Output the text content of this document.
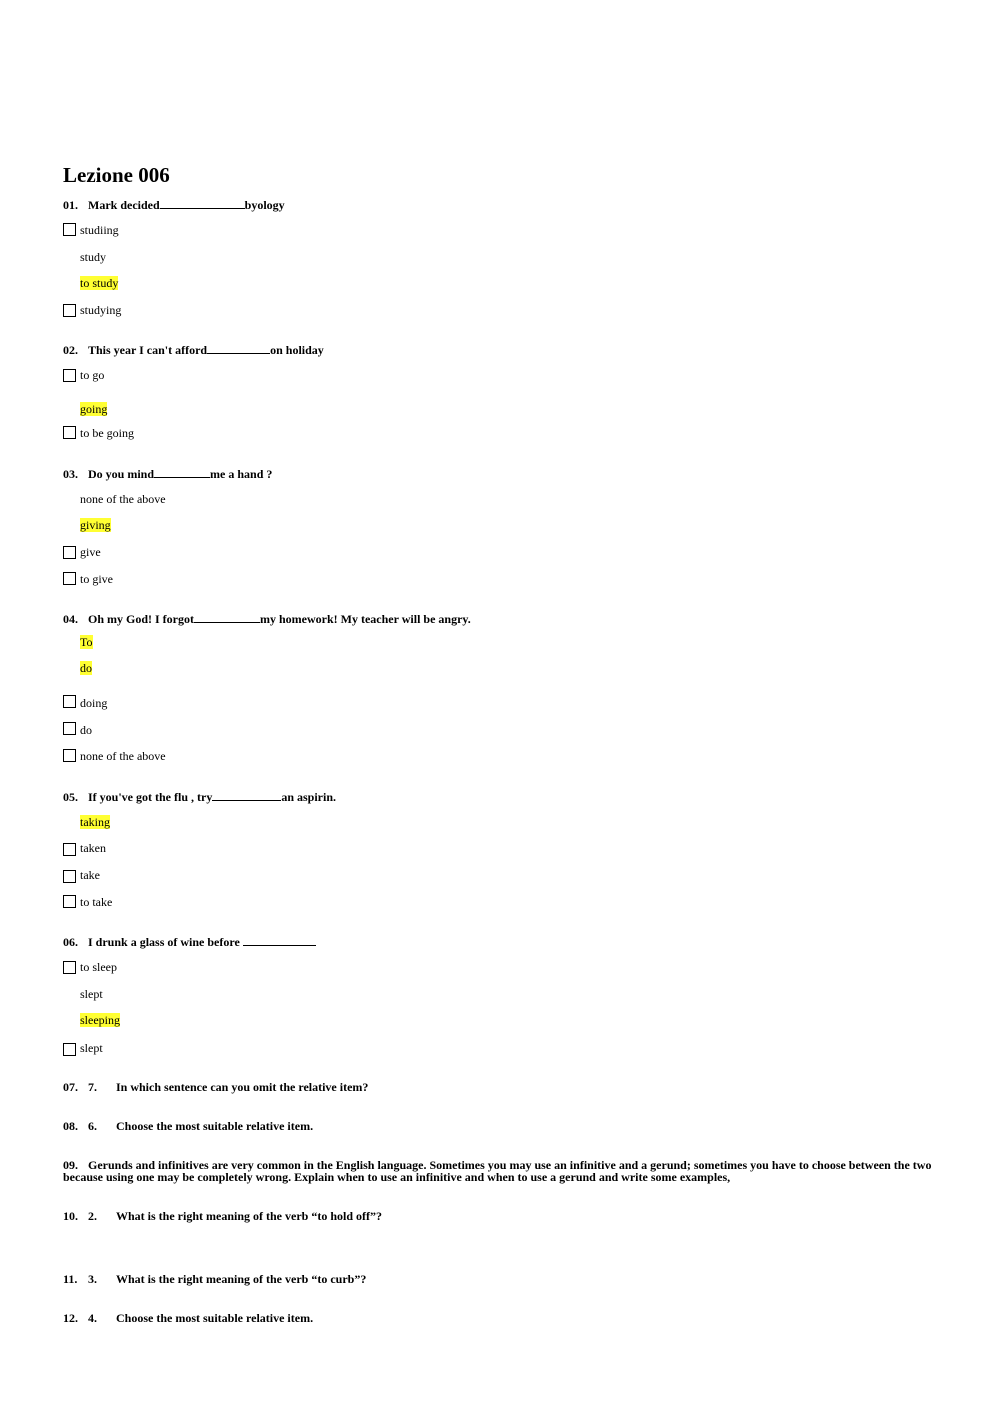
Lezione 006
01. Mark decided	byology
studiing
study
to study
studying
02. This year I can't afford	on holiday
to go
going
to be going
03. Do you mind	me a hand ?
none of the above
giving
give
to give
04. Oh my God! I forgot	my homework! My teacher will be angry.
To
do
doing
do
none of the above
05. If you've got the flu , try	an aspirin.
taking
taken
take
to take
06. I drunk a glass of wine before
to sleep
slept
sleeping
slept
07. 7. In which sentence can you omit the relative item?
08. 6. Choose the most suitable relative item.
09. Gerunds and infinitives are very common in the English language. Sometimes you may use an infinitive and a gerund; sometimes you have to choose between the two because using one may be completely wrong. Explain when to use an infinitive and when to use a gerund and write some examples,
10. 2. What is the right meaning of the verb “to hold off”?
11. 3. What is the right meaning of the verb “to curb”?
12. 4. Choose the most suitable relative item.
